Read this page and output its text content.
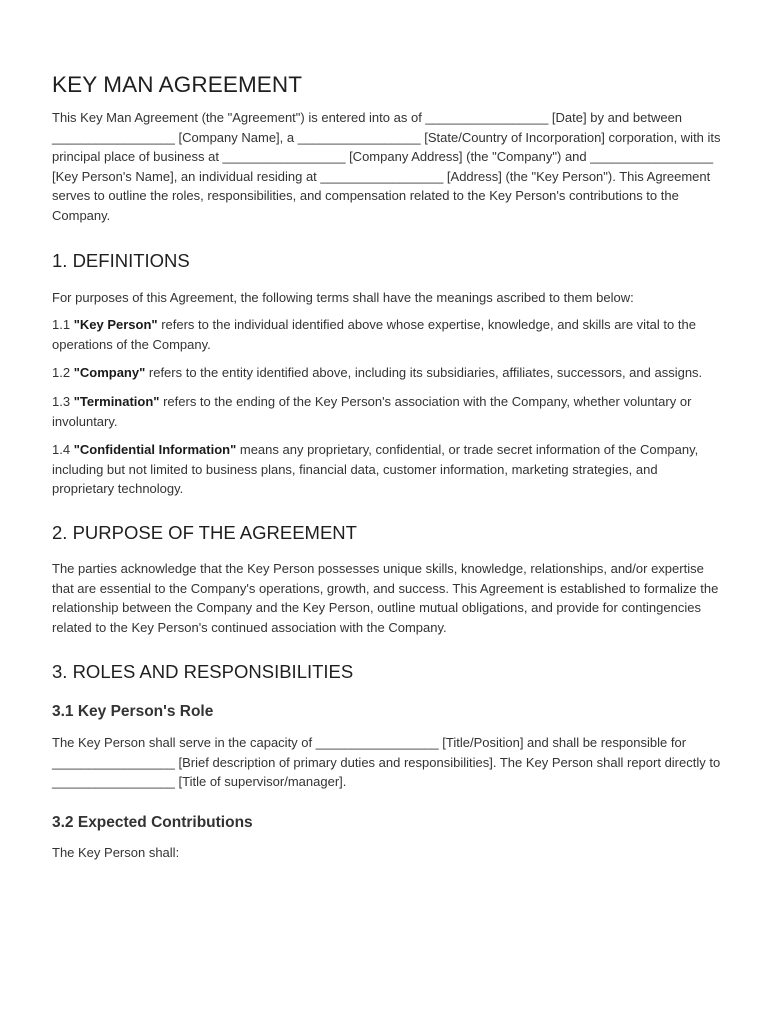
KEY MAN AGREEMENT

This Key Man Agreement (the "Agreement") is entered into as of _________________ [Date] by and between _________________ [Company Name], a _________________ [State/Country of Incorporation] corporation, with its principal place of business at _________________ [Company Address] (the "Company") and _________________ [Key Person's Name], an individual residing at _________________ [Address] (the "Key Person"). This Agreement serves to outline the roles, responsibilities, and compensation related to the Key Person's contributions to the Company.

1. DEFINITIONS

For purposes of this Agreement, the following terms shall have the meanings ascribed to them below:

1.1 "Key Person" refers to the individual identified above whose expertise, knowledge, and skills are vital to the operations of the Company.

1.2 "Company" refers to the entity identified above, including its subsidiaries, affiliates, successors, and assigns.

1.3 "Termination" refers to the ending of the Key Person's association with the Company, whether voluntary or involuntary.

1.4 "Confidential Information" means any proprietary, confidential, or trade secret information of the Company, including but not limited to business plans, financial data, customer information, marketing strategies, and proprietary technology.

2. PURPOSE OF THE AGREEMENT

The parties acknowledge that the Key Person possesses unique skills, knowledge, relationships, and/or expertise that are essential to the Company's operations, growth, and success. This Agreement is established to formalize the relationship between the Company and the Key Person, outline mutual obligations, and provide for contingencies related to the Key Person's continued association with the Company.

3. ROLES AND RESPONSIBILITIES
3.1 Key Person's Role

The Key Person shall serve in the capacity of _________________ [Title/Position] and shall be responsible for _________________ [Brief description of primary duties and responsibilities]. The Key Person shall report directly to _________________ [Title of supervisor/manager].

3.2 Expected Contributions

The Key Person shall:
